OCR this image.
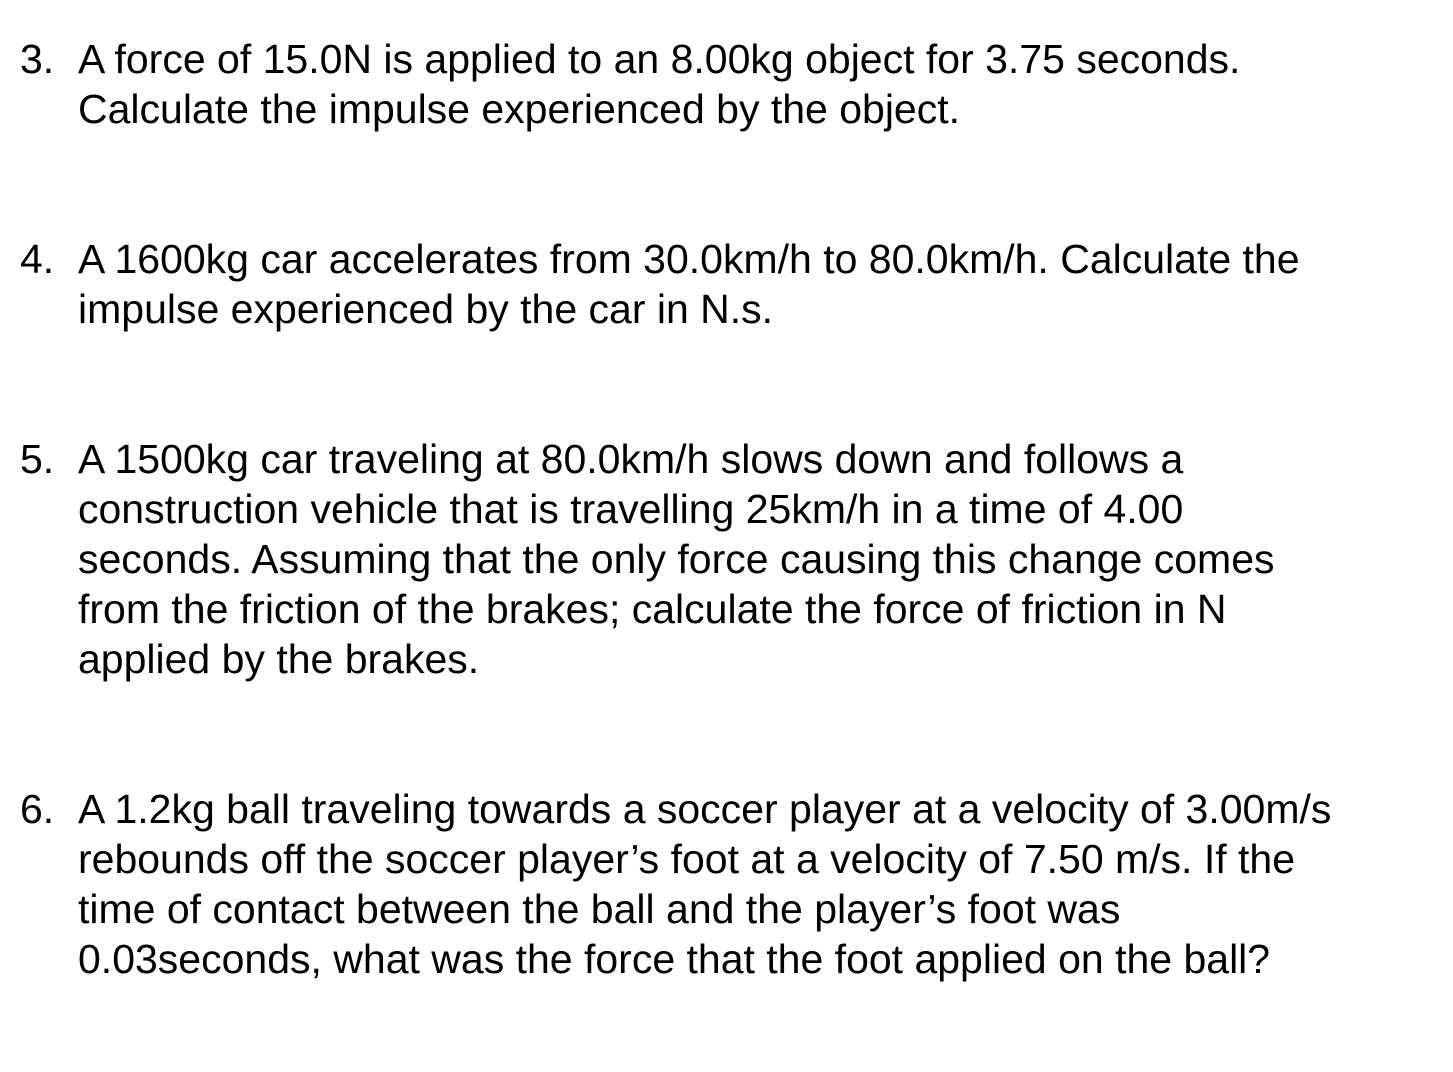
3. A force of 15.0N is applied to an 8.00kg object for 3.75 seconds.
Calculate the impulse experienced by the object.
4. A 1600kg car accelerates from 30.0km/h to 80.0km/h. Calculate the
impulse experienced by the car in N.s.
5. A 1500kg car traveling at 80.0km/h slows down and follows a
construction vehicle that is travelling 25km/h in a time of 4.00
seconds. Assuming that the only force causing this change comes
from the friction of the brakes; calculate the force of friction in N
applied by the brakes.
6. A 1.2kg ball traveling towards a soccer player at a velocity of 3.00m/s
rebounds off the soccer player’s foot at a velocity of 7.50 m/s. If the
time of contact between the ball and the player’s foot was
0.03seconds, what was the force that the foot applied on the ball?
